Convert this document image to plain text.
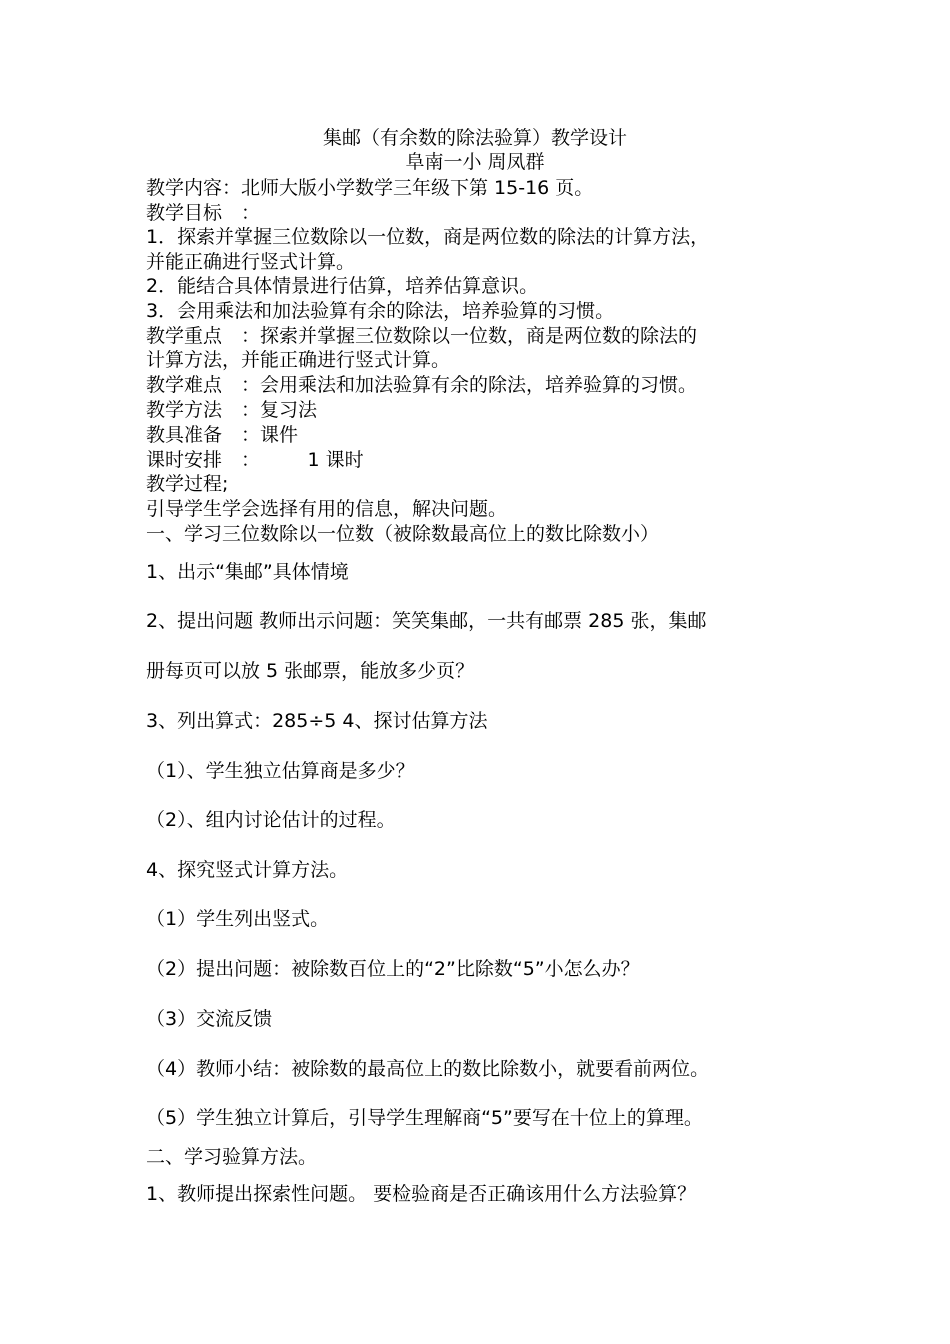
集邮（有余数的除法验算）教学设计
阜南一小 周凤群
教学内容：北师大版小学数学三年级下第 15-16 页。
教学目标　：
1．探索并掌握三位数除以一位数，商是两位数的除法的计算方法，
并能正确进行竖式计算。
2．能结合具体情景进行估算，培养估算意识。
3．会用乘法和加法验算有余的除法，培养验算的习惯。
教学重点　：探索并掌握三位数除以一位数，商是两位数的除法的
计算方法，并能正确进行竖式计算。
教学难点　：会用乘法和加法验算有余的除法，培养验算的习惯。
教学方法　：复习法
教具准备　：课件
课时安排　：　　　1 课时
教学过程;
引导学生学会选择有用的信息，解决问题。
一、学习三位数除以一位数（被除数最高位上的数比除数小）
1、出示“集邮”具体情境
2、提出问题 教师出示问题：笑笑集邮，一共有邮票 285 张，集邮
册每页可以放 5 张邮票，能放多少页？
3、列出算式：285÷5 4、探讨估算方法
（1）、学生独立估算商是多少？
（2）、组内讨论估计的过程。
4、探究竖式计算方法。
（1）学生列出竖式。
（2）提出问题：被除数百位上的“2”比除数“5”小怎么办？
（3）交流反馈
（4）教师小结：被除数的最高位上的数比除数小，就要看前两位。
（5）学生独立计算后，引导学生理解商“5”要写在十位上的算理。
二、学习验算方法。
1、教师提出探索性问题。 要检验商是否正确该用什么方法验算？
